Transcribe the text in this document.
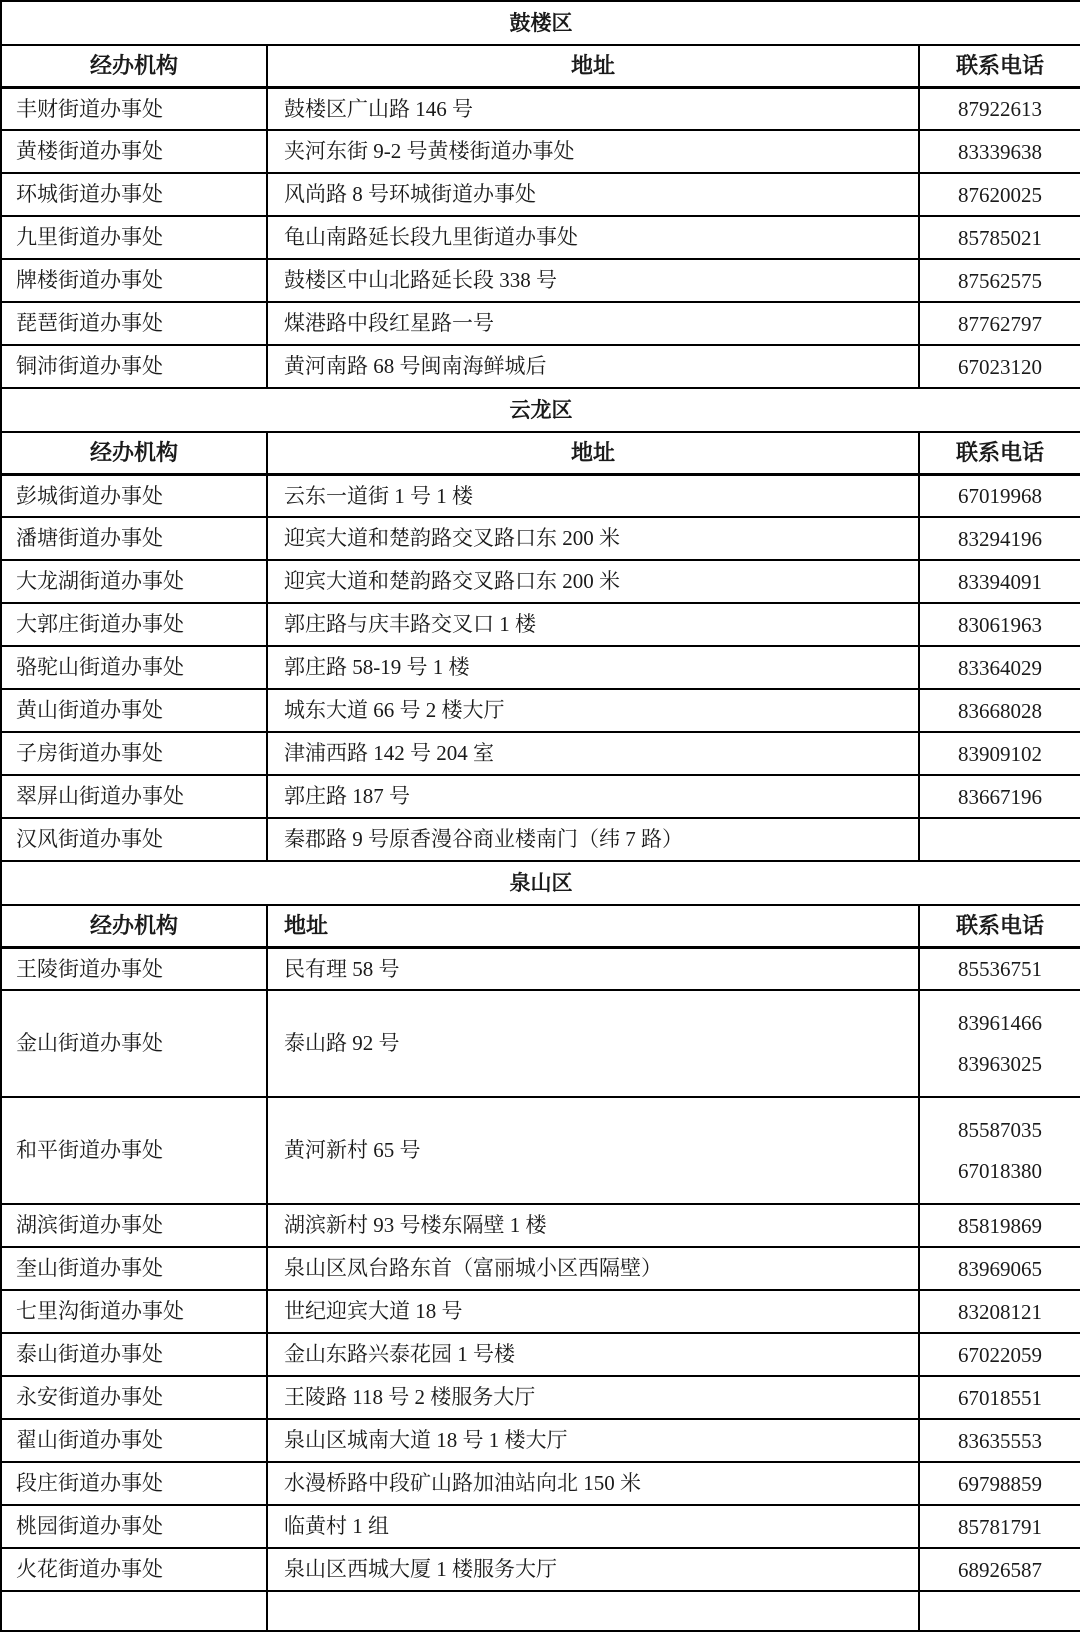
鼓楼区		
经办机构	地址	联系电话
丰财街道办事处	鼓楼区广山路 146 号	87922613

黄楼街道办事处	夹河东街 9-2 号黄楼街道办事处	83339638

环城街道办事处	风尚路 8 号环城街道办事处	87620025

九里街道办事处	龟山南路延长段九里街道办事处	85785021

牌楼街道办事处	鼓楼区中山北路延长段 338 号	87562575

琵琶街道办事处	煤港路中段红星路一号	87762797

铜沛街道办事处	黄河南路 68 号闽南海鲜城后	67023120

云龙区		
经办机构	地址	联系电话
彭城街道办事处	云东一道街 1 号 1 楼	67019968

潘塘街道办事处	迎宾大道和楚韵路交叉路口东 200 米	83294196

大龙湖街道办事处	迎宾大道和楚韵路交叉路口东 200 米	83394091

大郭庄街道办事处	郭庄路与庆丰路交叉口 1 楼	83061963

骆驼山街道办事处	郭庄路 58-19 号 1 楼	83364029

黄山街道办事处	城东大道 66 号 2 楼大厅	83668028

子房街道办事处	津浦西路 142 号 204 室	83909102

翠屏山街道办事处	郭庄路 187 号	83667196

汉风街道办事处	秦郡路 9 号原香漫谷商业楼南门（纬 7 路）	
泉山区		
经办机构	地址	联系电话
王陵街道办事处	民有理 58 号	85536751

金山街道办事处	泰山路 92 号	83961466
83963025

和平街道办事处	黄河新村 65 号	85587035
67018380

湖滨街道办事处	湖滨新村 93 号楼东隔壁 1 楼	85819869

奎山街道办事处	泉山区凤台路东首（富丽城小区西隔壁）	83969065

七里沟街道办事处	世纪迎宾大道 18 号	83208121

泰山街道办事处	金山东路兴泰花园 1 号楼	67022059

永安街道办事处	王陵路 118 号 2 楼服务大厅	67018551

翟山街道办事处	泉山区城南大道 18 号 1 楼大厅	83635553

段庄街道办事处	水漫桥路中段矿山路加油站向北 150 米	69798859

桃园街道办事处	临黄村 1 组	85781791

火花街道办事处	泉山区西城大厦 1 楼服务大厅	68926587
